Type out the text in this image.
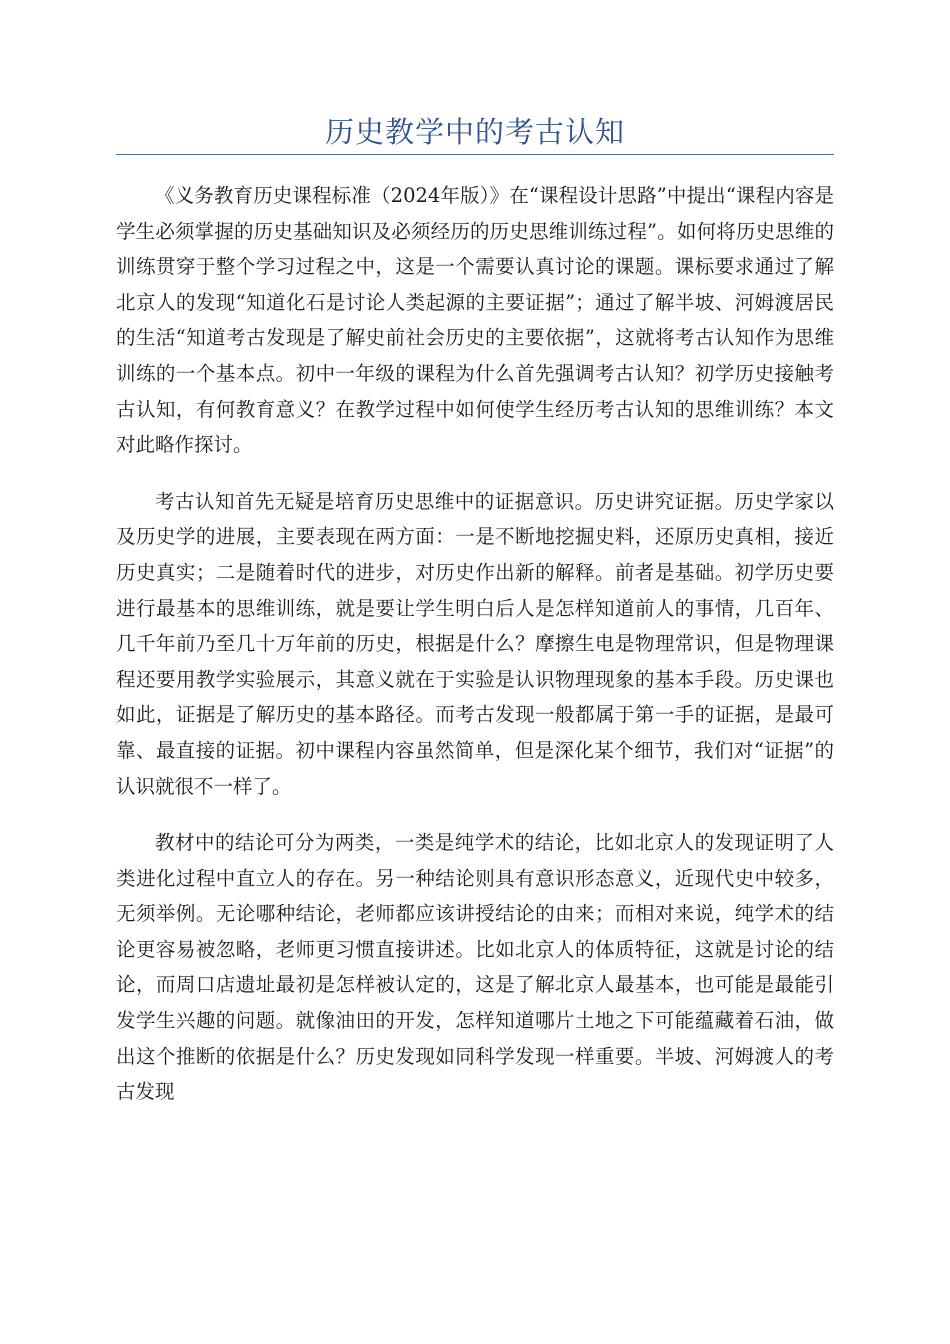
历史教学中的考古认知

《义务教育历史课程标准（2024年版）》在“课程设计思路”中提出“课程内容是学生必须掌握的历史基础知识及必须经历的历史思维训练过程”。如何将历史思维的训练贯穿于整个学习过程之中，这是一个需要认真讨论的课题。课标要求通过了解北京人的发现“知道化石是讨论人类起源的主要证据”；通过了解半坡、河姆渡居民的生活“知道考古发现是了解史前社会历史的主要依据”，这就将考古认知作为思维训练的一个基本点。初中一年级的课程为什么首先强调考古认知？初学历史接触考古认知，有何教育意义？在教学过程中如何使学生经历考古认知的思维训练？本文对此略作探讨。

考古认知首先无疑是培育历史思维中的证据意识。历史讲究证据。历史学家以及历史学的进展，主要表现在两方面：一是不断地挖掘史料，还原历史真相，接近历史真实；二是随着时代的进步，对历史作出新的解释。前者是基础。初学历史要进行最基本的思维训练，就是要让学生明白后人是怎样知道前人的事情，几百年、几千年前乃至几十万年前的历史，根据是什么？摩擦生电是物理常识，但是物理课程还要用教学实验展示，其意义就在于实验是认识物理现象的基本手段。历史课也如此，证据是了解历史的基本路径。而考古发现一般都属于第一手的证据，是最可靠、最直接的证据。初中课程内容虽然简单，但是深化某个细节，我们对“证据”的认识就很不一样了。

教材中的结论可分为两类，一类是纯学术的结论，比如北京人的发现证明了人类进化过程中直立人的存在。另一种结论则具有意识形态意义，近现代史中较多，无须举例。无论哪种结论，老师都应该讲授结论的由来；而相对来说，纯学术的结论更容易被忽略，老师更习惯直接讲述。比如北京人的体质特征，这就是讨论的结论，而周口店遗址最初是怎样被认定的，这是了解北京人最基本，也可能是最能引发学生兴趣的问题。就像油田的开发，怎样知道哪片土地之下可能蕴藏着石油，做出这个推断的依据是什么？历史发现如同科学发现一样重要。半坡、河姆渡人的考古发现
